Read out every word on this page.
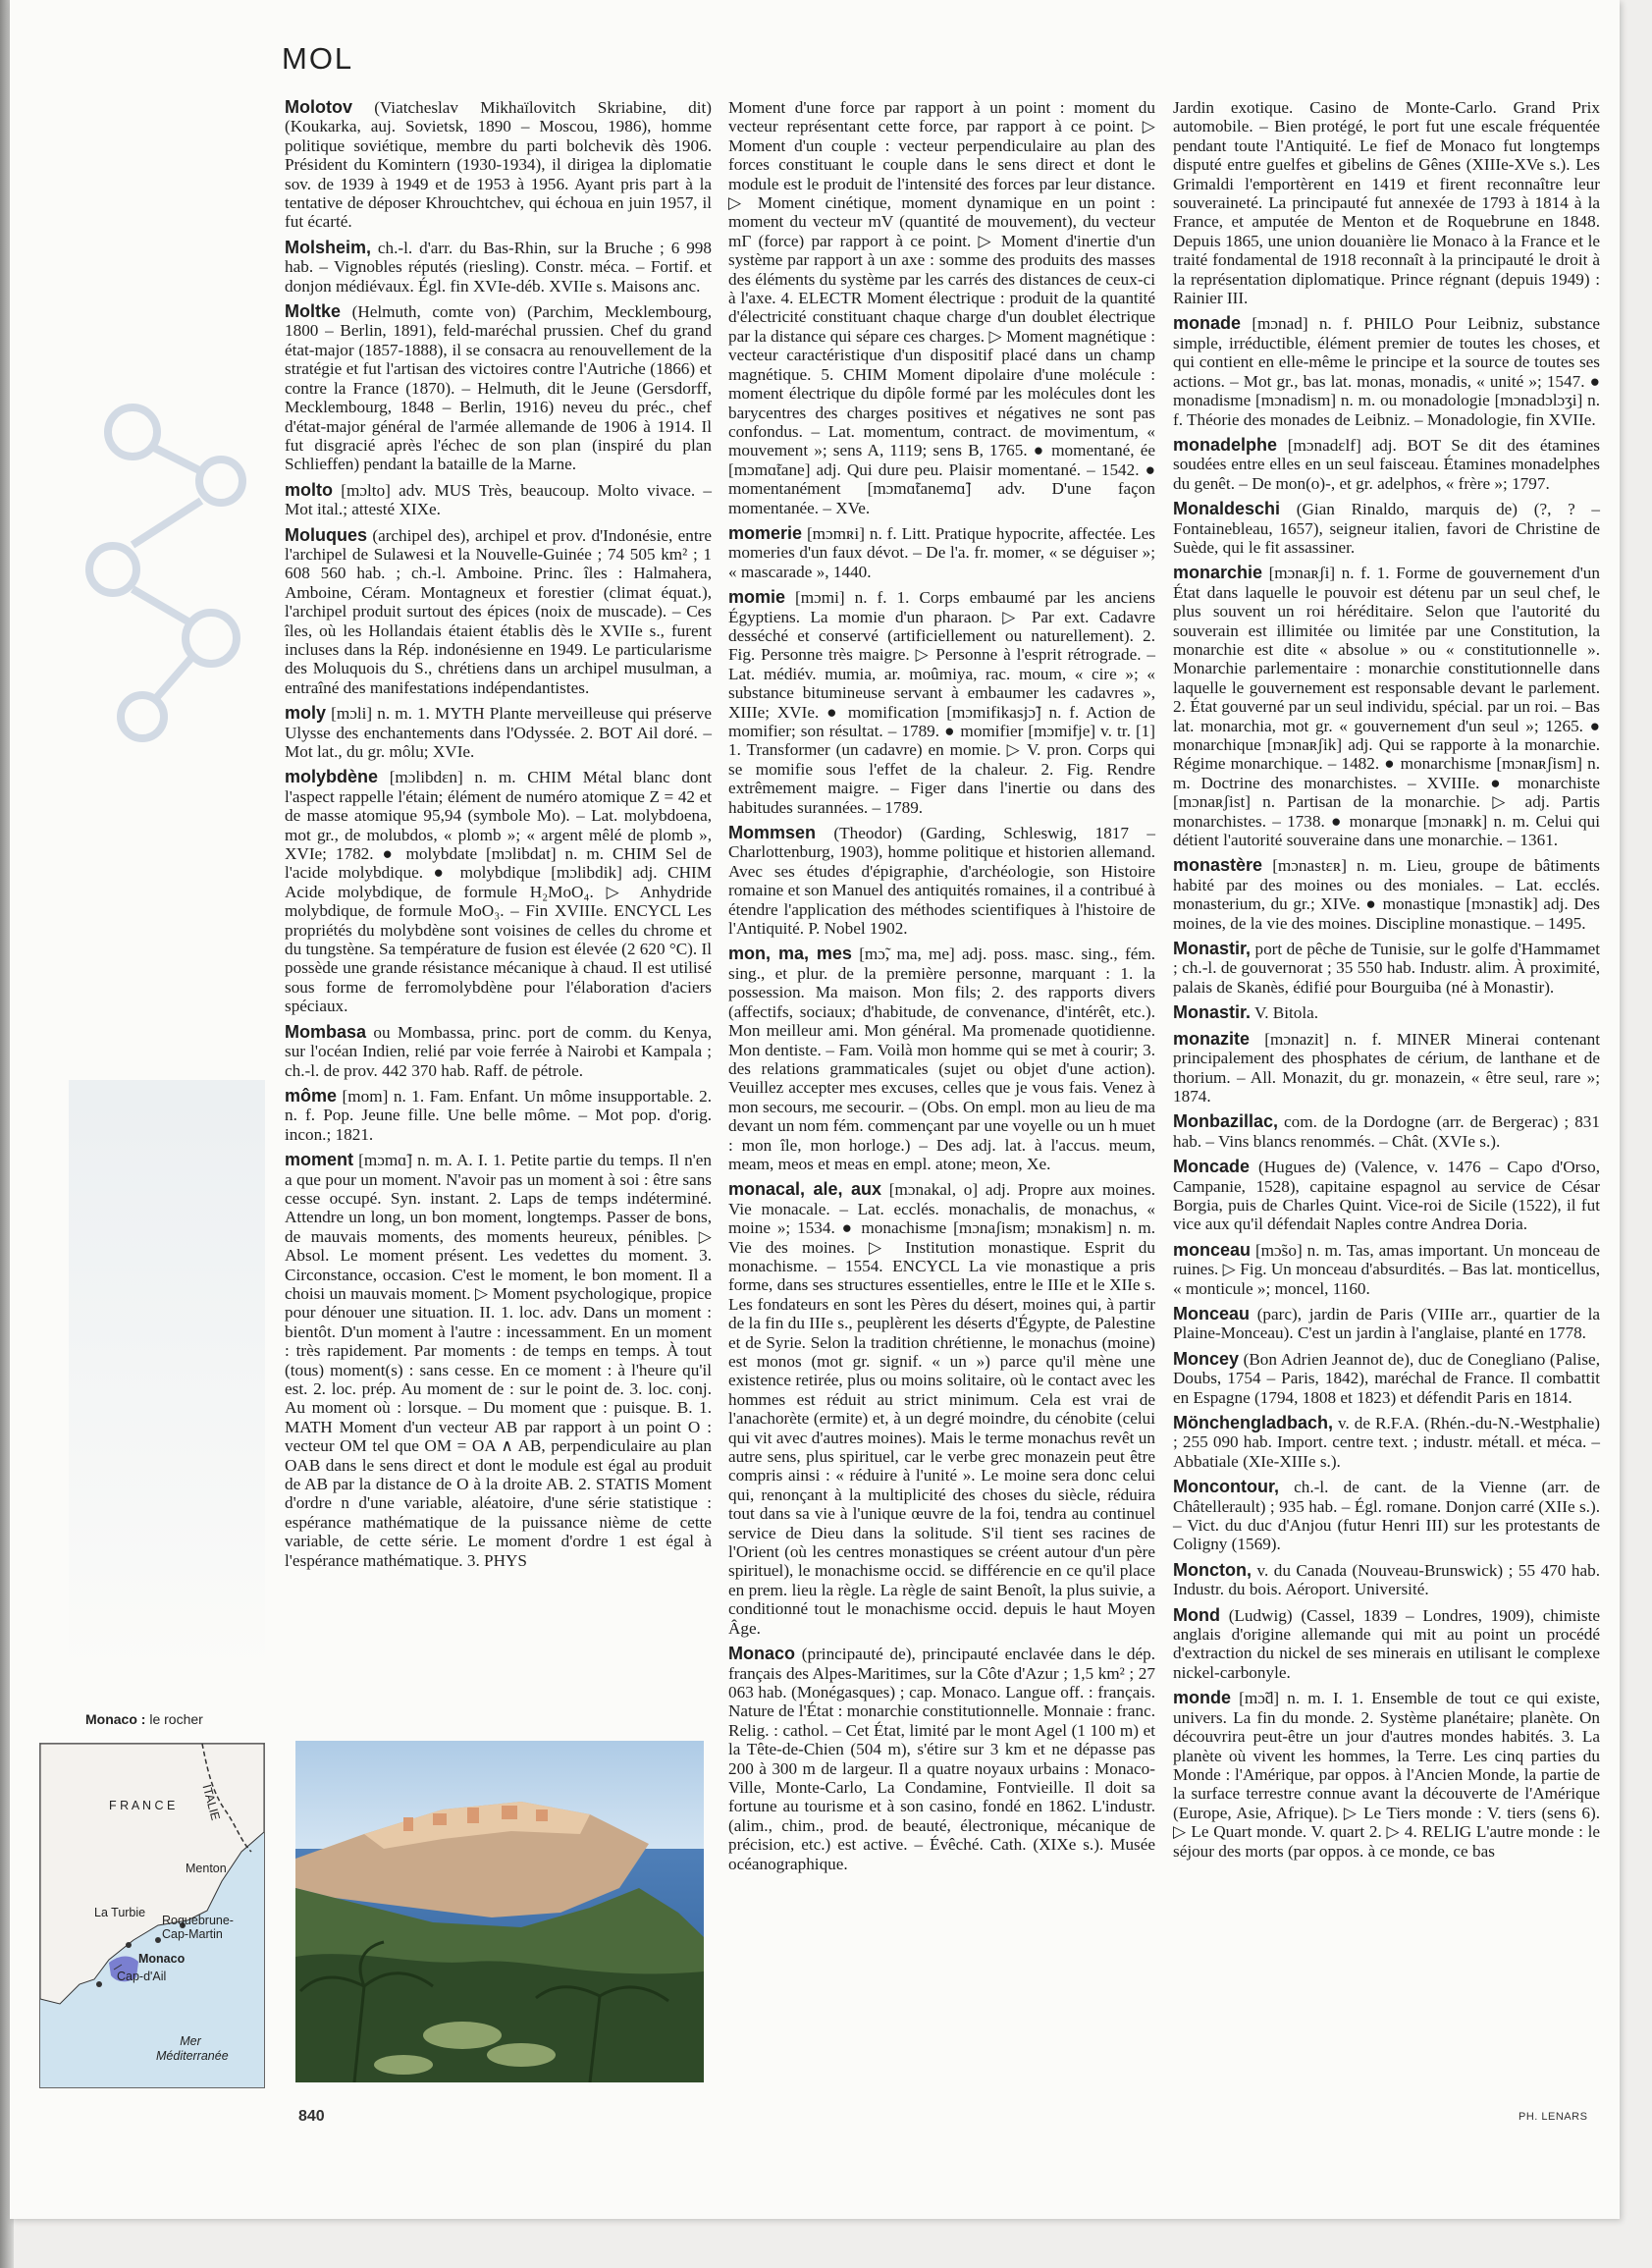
MOL

Molotov (Viatcheslav Mikhaïlovitch Skriabine, dit) (Koukarka, auj. Sovietsk, 1890 – Moscou, 1986), homme politique soviétique, membre du parti bolchevik dès 1906. Président du Komintern (1930-1934), il dirigea la diplomatie sov. de 1939 à 1949 et de 1953 à 1956. Ayant pris part à la tentative de déposer Khrouchtchev, qui échoua en juin 1957, il fut écarté.

Molsheim, ch.-l. d'arr. du Bas-Rhin, sur la Bruche ; 6 998 hab. – Vignobles réputés (riesling). Constr. méca. – Fortif. et donjon médiévaux. Égl. fin XVIe-déb. XVIIe s. Maisons anc.

Moltke (Helmuth, comte von) (Parchim, Mecklembourg, 1800 – Berlin, 1891), feld-maréchal prussien. Chef du grand état-major (1857-1888), il se consacra au renouvellement de la stratégie et fut l'artisan des victoires contre l'Autriche (1866) et contre la France (1870). – Helmuth, dit le Jeune (Gersdorff, Mecklembourg, 1848 – Berlin, 1916) neveu du préc., chef d'état-major général de l'armée allemande de 1906 à 1914. Il fut disgracié après l'échec de son plan (inspiré du plan Schlieffen) pendant la bataille de la Marne.

molto [mɔlto] adv. MUS Très, beaucoup. Molto vivace. – Mot ital.; attesté XIXe.

Moluques (archipel des), archipel et prov. d'Indonésie, entre l'archipel de Sulawesi et la Nouvelle-Guinée ; 74 505 km² ; 1 608 560 hab. ; ch.-l. Amboine. Princ. îles : Halmahera, Amboine, Céram. Montagneux et forestier (climat équat.), l'archipel produit surtout des épices (noix de muscade). – Ces îles, où les Hollandais étaient établis dès le XVIIe s., furent incluses dans la Rép. indonésienne en 1949. Le particularisme des Moluquois du S., chrétiens dans un archipel musulman, a entraîné des manifestations indépendantistes.

moly [mɔli] n. m. 1. MYTH Plante merveilleuse qui préserve Ulysse des enchantements dans l'Odyssée. 2. BOT Ail doré. – Mot lat., du gr. môlu; XVIe.

molybdène [mɔlibdɛn] n. m. CHIM Métal blanc dont l'aspect rappelle l'étain; élément de numéro atomique Z = 42 et de masse atomique 95,94 (symbole Mo). – Lat. molybdoena, mot gr., de molubdos, « plomb »; « argent mêlé de plomb », XVIe; 1782. ● molybdate [mɔlibdat] n. m. CHIM Sel de l'acide molybdique. ● molybdique [mɔlibdik] adj. CHIM Acide molybdique, de formule H₂MoO₄. ▷ Anhydride molybdique, de formule MoO₃. – Fin XVIIIe. ENCYCL Les propriétés du molybdène sont voisines de celles du chrome et du tungstène. Sa température de fusion est élevée (2 620 °C). Il possède une grande résistance mécanique à chaud. Il est utilisé sous forme de ferromolybdène pour l'élaboration d'aciers spéciaux.

Mombasa ou Mombassa, princ. port de comm. du Kenya, sur l'océan Indien, relié par voie ferrée à Nairobi et Kampala ; ch.-l. de prov. 442 370 hab. Raff. de pétrole.

môme [mom] n. 1. Fam. Enfant. Un môme insupportable. 2. n. f. Pop. Jeune fille. Une belle môme. – Mot pop. d'orig. incon.; 1821.

moment [mɔmɑ̃] n. m. A. I. 1. Petite partie du temps. Il n'en a que pour un moment. N'avoir pas un moment à soi : être sans cesse occupé. Syn. instant. 2. Laps de temps indéterminé. Attendre un long, un bon moment, longtemps. Passer de bons, de mauvais moments, des moments heureux, pénibles. ▷ Absol. Le moment présent. Les vedettes du moment. 3. Circonstance, occasion. C'est le moment, le bon moment. Il a choisi un mauvais moment. ▷ Moment psychologique, propice pour dénouer une situation. II. 1. loc. adv. Dans un moment : bientôt. D'un moment à l'autre : incessamment. En un moment : très rapidement. Par moments : de temps en temps. À tout (tous) moment(s) : sans cesse. En ce moment : à l'heure qu'il est. 2. loc. prép. Au moment de : sur le point de. 3. loc. conj. Au moment où : lorsque. – Du moment que : puisque. B. 1. MATH Moment d'un vecteur AB par rapport à un point O : vecteur OM tel que OM = OA ∧ AB, perpendiculaire au plan OAB dans le sens direct et dont le module est égal au produit de AB par la distance de O à la droite AB. 2. STATIS Moment d'ordre n d'une variable, aléatoire, d'une série statistique : espérance mathématique de la puissance nième de cette variable, de cette série. Le moment d'ordre 1 est égal à l'espérance mathématique. 3. PHYS

Moment d'une force par rapport à un point : moment du vecteur représentant cette force, par rapport à ce point. ▷ Moment d'un couple : vecteur perpendiculaire au plan des forces constituant le couple dans le sens direct et dont le module est le produit de l'intensité des forces par leur distance. ▷ Moment cinétique, moment dynamique en un point : moment du vecteur mV (quantité de mouvement), du vecteur mΓ (force) par rapport à ce point. ▷ Moment d'inertie d'un système par rapport à un axe : somme des produits des masses des éléments du système par les carrés des distances de ceux-ci à l'axe. 4. ELECTR Moment électrique : produit de la quantité d'électricité constituant chaque charge d'un doublet électrique par la distance qui sépare ces charges. ▷ Moment magnétique : vecteur caractéristique d'un dispositif placé dans un champ magnétique. 5. CHIM Moment dipolaire d'une molécule : moment électrique du dipôle formé par les molécules dont les barycentres des charges positives et négatives ne sont pas confondus. – Lat. momentum, contract. de movimentum, « mouvement »; sens A, 1119; sens B, 1765. ● momentané, ée [mɔmɑ̃tane] adj. Qui dure peu. Plaisir momentané. – 1542. ● momentanément [mɔmɑ̃tanemɑ̃] adv. D'une façon momentanée. – XVe.

momerie [mɔmʀi] n. f. Litt. Pratique hypocrite, affectée. Les momeries d'un faux dévot. – De l'a. fr. momer, « se déguiser »; « mascarade », 1440.

momie [mɔmi] n. f. 1. Corps embaumé par les anciens Égyptiens. La momie d'un pharaon. ▷ Par ext. Cadavre desséché et conservé (artificiellement ou naturellement). 2. Fig. Personne très maigre. ▷ Personne à l'esprit rétrograde. – Lat. médiév. mumia, ar. moûmiya, rac. moum, « cire »; « substance bitumineuse servant à embaumer les cadavres », XIIIe; XVIe. ● momification [mɔmifikasjɔ̃] n. f. Action de momifier; son résultat. – 1789. ● momifier [mɔmifje] v. tr. [1] 1. Transformer (un cadavre) en momie. ▷ V. pron. Corps qui se momifie sous l'effet de la chaleur. 2. Fig. Rendre extrêmement maigre. – Figer dans l'inertie ou dans des habitudes surannées. – 1789.

Mommsen (Theodor) (Garding, Schleswig, 1817 – Charlottenburg, 1903), homme politique et historien allemand. Avec ses études d'épigraphie, d'archéologie, son Histoire romaine et son Manuel des antiquités romaines, il a contribué à étendre l'application des méthodes scientifiques à l'histoire de l'Antiquité. P. Nobel 1902.

mon, ma, mes [mɔ̃, ma, me] adj. poss. masc. sing., fém. sing., et plur. de la première personne, marquant : 1. la possession. Ma maison. Mon fils; 2. des rapports divers (affectifs, sociaux; d'habitude, de convenance, d'intérêt, etc.). Mon meilleur ami. Mon général. Ma promenade quotidienne. Mon dentiste. – Fam. Voilà mon homme qui se met à courir; 3. des relations grammaticales (sujet ou objet d'une action). Veuillez accepter mes excuses, celles que je vous fais. Venez à mon secours, me secourir. – (Obs. On empl. mon au lieu de ma devant un nom fém. commençant par une voyelle ou un h muet : mon île, mon horloge.) – Des adj. lat. à l'accus. meum, meam, meos et meas en empl. atone; meon, Xe.

monacal, ale, aux [mɔnakal, o] adj. Propre aux moines. Vie monacale. – Lat. ecclés. monachalis, de monachus, « moine »; 1534. ● monachisme [mɔnaʃism; mɔnakism] n. m. Vie des moines. ▷ Institution monastique. Esprit du monachisme. – 1554. ENCYCL La vie monastique a pris forme, dans ses structures essentielles, entre le IIIe et le XIIe s. Les fondateurs en sont les Pères du désert, moines qui, à partir de la fin du IIIe s., peuplèrent les déserts d'Égypte, de Palestine et de Syrie. Selon la tradition chrétienne, le monachus (moine) est monos (mot gr. signif. « un ») parce qu'il mène une existence retirée, plus ou moins solitaire, où le contact avec les hommes est réduit au strict minimum. Cela est vrai de l'anachorète (ermite) et, à un degré moindre, du cénobite (celui qui vit avec d'autres moines). Mais le terme monachus revêt un autre sens, plus spirituel, car le verbe grec monazein peut être compris ainsi : « réduire à l'unité ». Le moine sera donc celui qui, renonçant à la multiplicité des choses du siècle, réduira tout dans sa vie à l'unique œuvre de la foi, tendra au continuel service de Dieu dans la solitude. S'il tient ses racines de l'Orient (où les centres monastiques se créent autour d'un père spirituel), le monachisme occid. se différencie en ce qu'il place en prem. lieu la règle. La règle de saint Benoît, la plus suivie, a conditionné tout le monachisme occid. depuis le haut Moyen Âge.

Monaco (principauté de), principauté enclavée dans le dép. français des Alpes-Maritimes, sur la Côte d'Azur ; 1,5 km² ; 27 063 hab. (Monégasques) ; cap. Monaco. Langue off. : français. Nature de l'État : monarchie constitutionnelle. Monnaie : franc. Relig. : cathol. – Cet État, limité par le mont Agel (1 100 m) et la Tête-de-Chien (504 m), s'étire sur 3 km et ne dépasse pas 200 à 300 m de largeur. Il a quatre noyaux urbains : Monaco-Ville, Monte-Carlo, La Condamine, Fontvieille. Il doit sa fortune au tourisme et à son casino, fondé en 1862. L'industr. (alim., chim., prod. de beauté, électronique, mécanique de précision, etc.) est active. – Évêché. Cath. (XIXe s.). Musée océanographique.

Jardin exotique. Casino de Monte-Carlo. Grand Prix automobile. – Bien protégé, le port fut une escale fréquentée pendant toute l'Antiquité. Le fief de Monaco fut longtemps disputé entre guelfes et gibelins de Gênes (XIIIe-XVe s.). Les Grimaldi l'emportèrent en 1419 et firent reconnaître leur souveraineté. La principauté fut annexée de 1793 à 1814 à la France, et amputée de Menton et de Roquebrune en 1848. Depuis 1865, une union douanière lie Monaco à la France et le traité fondamental de 1918 reconnaît à la principauté le droit à la représentation diplomatique. Prince régnant (depuis 1949) : Rainier III.

monade [mɔnad] n. f. PHILO Pour Leibniz, substance simple, irréductible, élément premier de toutes les choses, et qui contient en elle-même le principe et la source de toutes ses actions. – Mot gr., bas lat. monas, monadis, « unité »; 1547. ● monadisme [mɔnadism] n. m. ou monadologie [mɔnadɔlɔʒi] n. f. Théorie des monades de Leibniz. – Monadologie, fin XVIIe.

monadelphe [mɔnadɛlf] adj. BOT Se dit des étamines soudées entre elles en un seul faisceau. Étamines monadelphes du genêt. – De mon(o)-, et gr. adelphos, « frère »; 1797.

Monaldeschi (Gian Rinaldo, marquis de) (?, ? – Fontainebleau, 1657), seigneur italien, favori de Christine de Suède, qui le fit assassiner.

monarchie [mɔnaʀʃi] n. f. 1. Forme de gouvernement d'un État dans laquelle le pouvoir est détenu par un seul chef, le plus souvent un roi héréditaire. Selon que l'autorité du souverain est illimitée ou limitée par une Constitution, la monarchie est dite « absolue » ou « constitutionnelle ». Monarchie parlementaire : monarchie constitutionnelle dans laquelle le gouvernement est responsable devant le parlement. 2. État gouverné par un seul individu, spécial. par un roi. – Bas lat. monarchia, mot gr. « gouvernement d'un seul »; 1265. ● monarchique [mɔnaʀʃik] adj. Qui se rapporte à la monarchie. Régime monarchique. – 1482. ● monarchisme [mɔnaʀʃism] n. m. Doctrine des monarchistes. – XVIIIe. ● monarchiste [mɔnaʀʃist] n. Partisan de la monarchie. ▷ adj. Partis monarchistes. – 1738. ● monarque [mɔnaʀk] n. m. Celui qui détient l'autorité souveraine dans une monarchie. – 1361.

monastère [mɔnastɛʀ] n. m. Lieu, groupe de bâtiments habité par des moines ou des moniales. – Lat. ecclés. monasterium, du gr.; XIVe. ● monastique [mɔnastik] adj. Des moines, de la vie des moines. Discipline monastique. – 1495.

Monastir, port de pêche de Tunisie, sur le golfe d'Hammamet ; ch.-l. de gouvernorat ; 35 550 hab. Industr. alim. À proximité, palais de Skanès, édifié pour Bourguiba (né à Monastir).

Monastir. V. Bitola.

monazite [mɔnazit] n. f. MINER Minerai contenant principalement des phosphates de cérium, de lanthane et de thorium. – All. Monazit, du gr. monazein, « être seul, rare »; 1874.

Monbazillac, com. de la Dordogne (arr. de Bergerac) ; 831 hab. – Vins blancs renommés. – Chât. (XVIe s.).

Moncade (Hugues de) (Valence, v. 1476 – Capo d'Orso, Campanie, 1528), capitaine espagnol au service de César Borgia, puis de Charles Quint. Vice-roi de Sicile (1522), il fut vice aux qu'il défendait Naples contre Andrea Doria.

monceau [mɔ̃so] n. m. Tas, amas important. Un monceau de ruines. ▷ Fig. Un monceau d'absurdités. – Bas lat. monticellus, « monticule »; moncel, 1160.

Monceau (parc), jardin de Paris (VIIIe arr., quartier de la Plaine-Monceau). C'est un jardin à l'anglaise, planté en 1778.

Moncey (Bon Adrien Jeannot de), duc de Conegliano (Palise, Doubs, 1754 – Paris, 1842), maréchal de France. Il combattit en Espagne (1794, 1808 et 1823) et défendit Paris en 1814.

Mönchengladbach, v. de R.F.A. (Rhén.-du-N.-Westphalie) ; 255 090 hab. Import. centre text. ; industr. métall. et méca. – Abbatiale (XIe-XIIIe s.).

Moncontour, ch.-l. de cant. de la Vienne (arr. de Châtellerault) ; 935 hab. – Égl. romane. Donjon carré (XIIe s.). – Vict. du duc d'Anjou (futur Henri III) sur les protestants de Coligny (1569).

Moncton, v. du Canada (Nouveau-Brunswick) ; 55 470 hab. Industr. du bois. Aéroport. Université.

Mond (Ludwig) (Cassel, 1839 – Londres, 1909), chimiste anglais d'origine allemande qui mit au point un procédé d'extraction du nickel de ses minerais en utilisant le complexe nickel-carbonyle.

monde [mɔ̃d] n. m. I. 1. Ensemble de tout ce qui existe, univers. La fin du monde. 2. Système planétaire; planète. On découvrira peut-être un jour d'autres mondes habités. 3. La planète où vivent les hommes, la Terre. Les cinq parties du Monde : l'Amérique, par oppos. à l'Ancien Monde, la partie de la surface terrestre connue avant la découverte de l'Amérique (Europe, Asie, Afrique). ▷ Le Tiers monde : V. tiers (sens 6). ▷ Le Quart monde. V. quart 2. ▷ 4. RELIG L'autre monde : le séjour des morts (par oppos. à ce monde, ce bas

Monaco : le rocher
F R A N C E ITALIE
Menton
La Turbie
Roquebrune-Cap-Martin
Monaco
Cap-d'Ail
Mer Méditerranée
840	PH. LENARS
